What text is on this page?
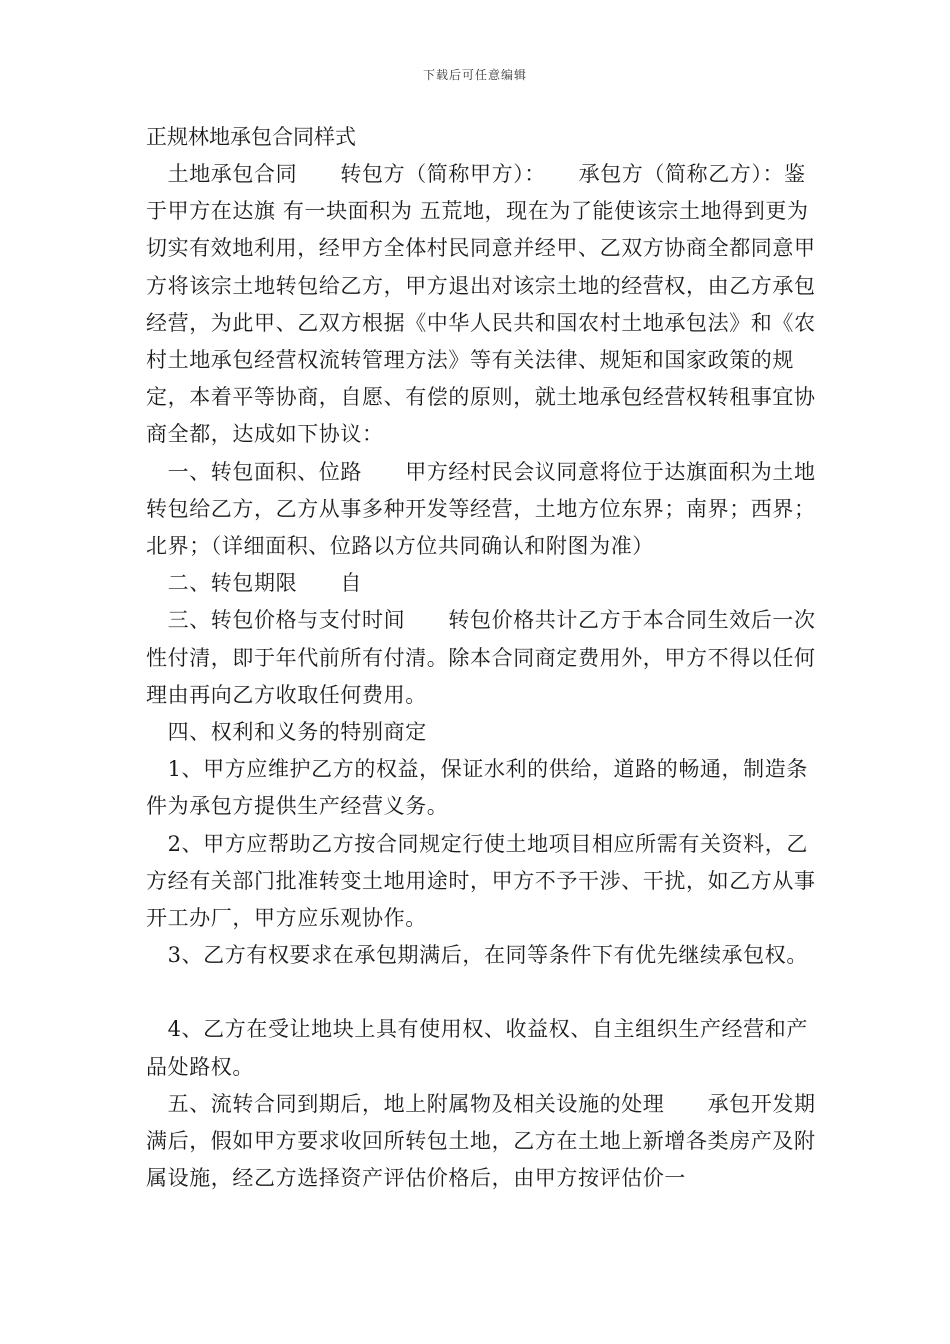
下载后可任意编辑
正规林地承包合同样式

　土地承包合同　　转包方（简称甲方）：　　承包方（简称乙方）：鉴于甲方在达旗 有一块面积为 五荒地，现在为了能使该宗土地得到更为切实有效地利用，经甲方全体村民同意并经甲、乙双方协商全都同意甲方将该宗土地转包给乙方，甲方退出对该宗土地的经营权，由乙方承包经营，为此甲、乙双方根据《中华人民共和国农村土地承包法》和《农村土地承包经营权流转管理方法》等有关法律、规矩和国家政策的规定，本着平等协商，自愿、有偿的原则，就土地承包经营权转租事宜协商全都，达成如下协议：

　一、转包面积、位路　　甲方经村民会议同意将位于达旗面积为土地转包给乙方，乙方从事多种开发等经营，土地方位东界；南界；西界；北界；（详细面积、位路以方位共同确认和附图为准）

　二、转包期限　　自

　三、转包价格与支付时间　　转包价格共计乙方于本合同生效后一次性付清，即于年代前所有付清。除本合同商定费用外，甲方不得以任何理由再向乙方收取任何费用。

　四、权利和义务的特别商定

　1、甲方应维护乙方的权益，保证水利的供给，道路的畅通，制造条件为承包方提供生产经营义务。

　2、甲方应帮助乙方按合同规定行使土地项目相应所需有关资料，乙方经有关部门批准转变土地用途时，甲方不予干涉、干扰，如乙方从事开工办厂，甲方应乐观协作。

　3、乙方有权要求在承包期满后，在同等条件下有优先继续承包权。

　4、乙方在受让地块上具有使用权、收益权、自主组织生产经营和产品处路权。

　五、流转合同到期后，地上附属物及相关设施的处理　　承包开发期满后，假如甲方要求收回所转包土地，乙方在土地上新增各类房产及附属设施，经乙方选择资产评估价格后，由甲方按评估价一
